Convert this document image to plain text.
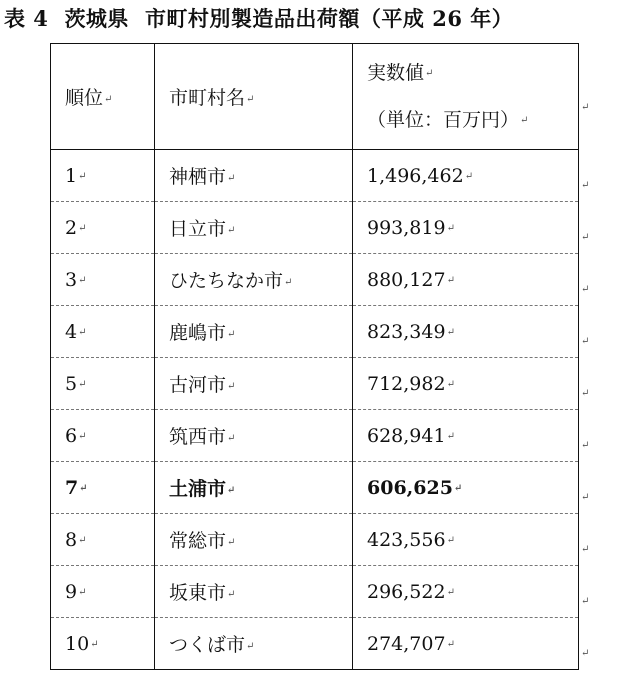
表 4 茨城県 市町村別製造品出荷額（平成 26 年）
順位↵	市町村名↵	実数値↵
（単位：百万円）↵

1↵	神栖市↵	1,496,462↵
2↵	日立市↵	993,819↵
3↵	ひたちなか市↵	880,127↵
4↵	鹿嶋市↵	823,349↵
5↵	古河市↵	712,982↵
6↵	筑西市↵	628,941↵
7↵	土浦市↵	606,625↵
8↵	常総市↵	423,556↵
9↵	坂東市↵	296,522↵
10↵	つくば市↵	274,707↵
↵
↵
↵
↵
↵
↵
↵
↵
↵
↵
↵
